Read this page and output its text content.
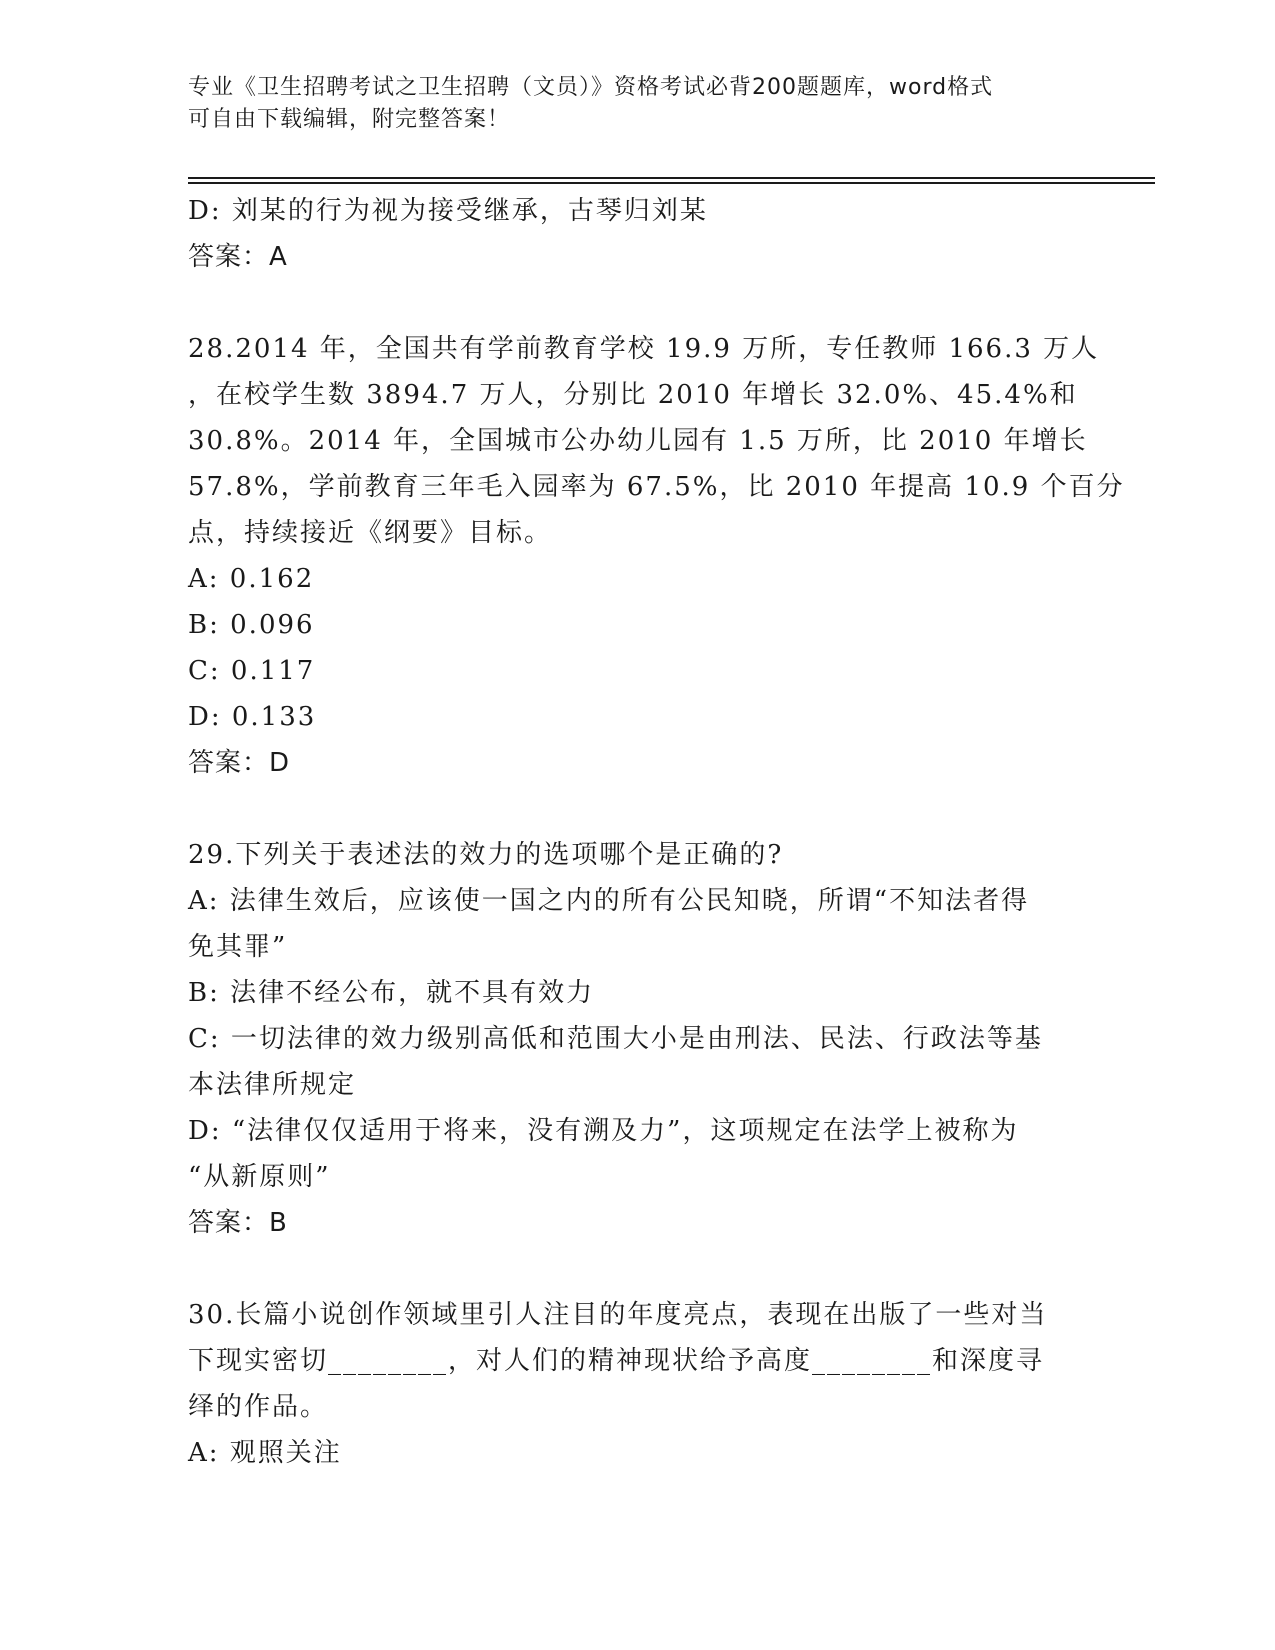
专业《卫生招聘考试之卫生招聘（文员）》资格考试必背200题题库，word格式
可自由下载编辑，附完整答案！
D: 刘某的行为视为接受继承，古琴归刘某
答案：A
28.2014 年，全国共有学前教育学校 19.9 万所，专任教师 166.3 万人
，在校学生数 3894.7 万人，分别比 2010 年增长 32.0%、45.4%和
30.8%。2014 年，全国城市公办幼儿园有 1.5 万所，比 2010 年增长
57.8%，学前教育三年毛入园率为 67.5%，比 2010 年提高 10.9 个百分
点，持续接近《纲要》目标。
A: 0.162
B: 0.096
C: 0.117
D: 0.133
答案：D
29.下列关于表述法的效力的选项哪个是正确的?
A: 法律生效后，应该使一国之内的所有公民知晓，所谓“不知法者得
免其罪”
B: 法律不经公布，就不具有效力
C: 一切法律的效力级别高低和范围大小是由刑法、民法、行政法等基
本法律所规定
D: “法律仅仅适用于将来，没有溯及力”，这项规定在法学上被称为
“从新原则”
答案：B
30.长篇小说创作领域里引人注目的年度亮点，表现在出版了一些对当
下现实密切________，对人们的精神现状给予高度________和深度寻
绎的作品。
A: 观照关注
